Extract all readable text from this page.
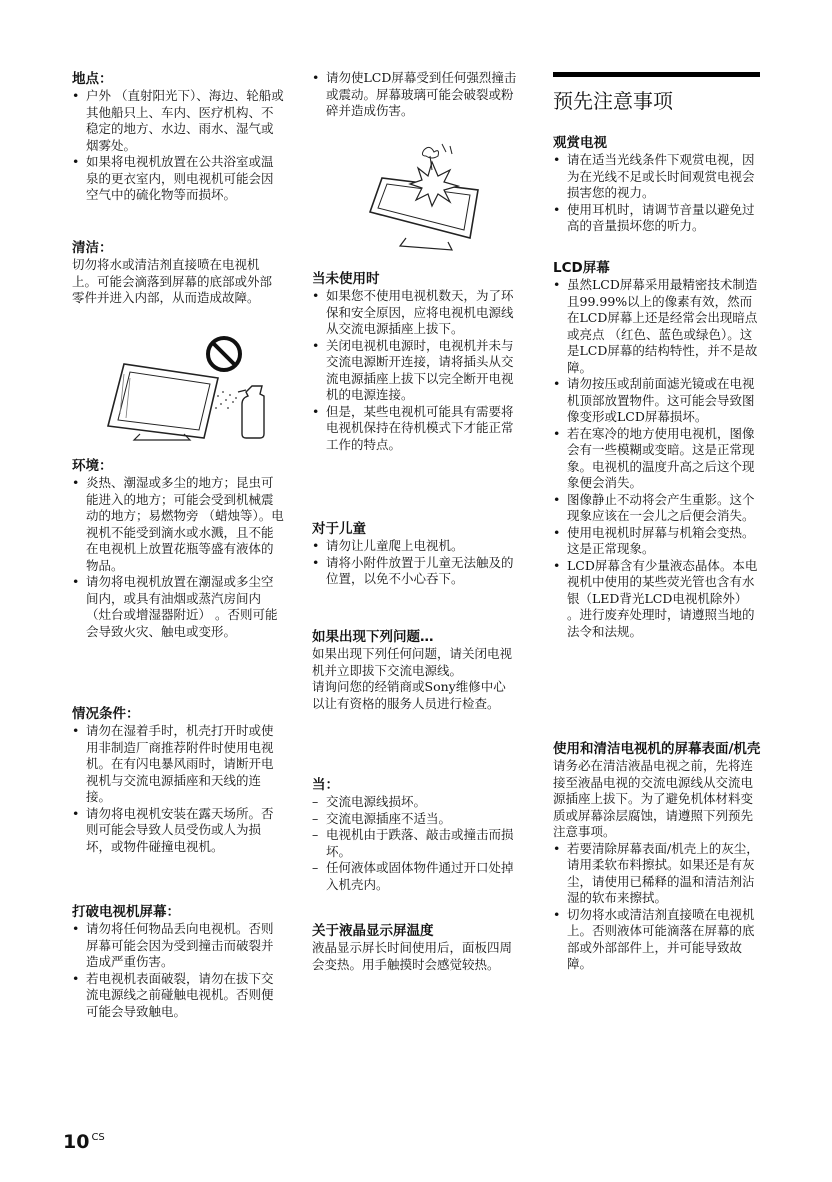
地点：

• 户外 （直射阳光下）、海边、轮船或其他船只上、车内、医疗机构、不稳定的地方、水边、雨水、湿气或烟雾处。
• 如果将电视机放置在公共浴室或温泉的更衣室内，则电视机可能会因空气中的硫化物等而损坏。

清洁：

切勿将水或清洁剂直接喷在电视机上。可能会滴落到屏幕的底部或外部零件并进入内部，从而造成故障。

环境：

• 炎热、潮湿或多尘的地方；昆虫可能进入的地方；可能会受到机械震动的地方；易燃物旁 （蜡烛等）。电视机不能受到滴水或水溅，且不能在电视机上放置花瓶等盛有液体的物品。
• 请勿将电视机放置在潮湿或多尘空间内，或具有油烟或蒸汽房间内 （灶台或增湿器附近） 。否则可能会导致火灾、触电或变形。

情况条件：

• 请勿在湿着手时，机壳打开时或使用非制造厂商推荐附件时使用电视机。在有闪电暴风雨时，请断开电视机与交流电源插座和天线的连接。
• 请勿将电视机安装在露天场所。否则可能会导致人员受伤或人为损坏，或物件碰撞电视机。

打破电视机屏幕：

• 请勿将任何物品丢向电视机。否则屏幕可能会因为受到撞击而破裂并造成严重伤害。
• 若电视机表面破裂，请勿在拔下交流电源线之前碰触电视机。否则便可能会导致触电。
• 请勿使LCD屏幕受到任何强烈撞击或震动。屏幕玻璃可能会破裂或粉碎并造成伤害。

当未使用时

• 如果您不使用电视机数天，为了环保和安全原因，应将电视机电源线从交流电源插座上拔下。
• 关闭电视机电源时，电视机并未与交流电源断开连接，请将插头从交流电源插座上拔下以完全断开电视机的电源连接。
• 但是，某些电视机可能具有需要将电视机保持在待机模式下才能正常工作的特点。

对于儿童

• 请勿让儿童爬上电视机。
• 请将小附件放置于儿童无法触及的位置，以免不小心吞下。

如果出现下列问题…

如果出现下列任何问题，请关闭电视机并立即拔下交流电源线。

请询问您的经销商或Sony维修中心以让有资格的服务人员进行检查。

当：

– 交流电源线损坏。
– 交流电源插座不适当。
– 电视机由于跌落、敲击或撞击而损坏。
– 任何液体或固体物件通过开口处掉入机壳内。

关于液晶显示屏温度

液晶显示屏长时间使用后，面板四周会变热。用手触摸时会感觉较热。

预先注意事项

观赏电视

• 请在适当光线条件下观赏电视，因为在光线不足或长时间观赏电视会损害您的视力。
• 使用耳机时，请调节音量以避免过高的音量损坏您的听力。

LCD屏幕

• 虽然LCD屏幕采用最精密技术制造且99.99%以上的像素有效，然而在LCD屏幕上还是经常会出现暗点或亮点 （红色、蓝色或绿色）。这是LCD屏幕的结构特性，并不是故障。
• 请勿按压或刮前面滤光镜或在电视机顶部放置物件。这可能会导致图像变形或LCD屏幕损坏。
• 若在寒冷的地方使用电视机，图像会有一些模糊或变暗。这是正常现象。电视机的温度升高之后这个现象便会消失。
• 图像静止不动将会产生重影。这个现象应该在一会儿之后便会消失。
• 使用电视机时屏幕与机箱会变热。这是正常现象。
• LCD屏幕含有少量液态晶体。本电视机中使用的某些荧光管也含有水银（LED背光LCD电视机除外） 。进行废弃处理时，请遵照当地的法令和法规。

使用和清洁电视机的屏幕表面/机壳

请务必在清洁液晶电视之前，先将连接至液晶电视的交流电源线从交流电源插座上拔下。为了避免机体材料变质或屏幕涂层腐蚀，请遵照下列预先注意事项。

• 若要清除屏幕表面/机壳上的灰尘，请用柔软布料擦拭。如果还是有灰尘，请使用已稀释的温和清洁剂沾湿的软布来擦拭。
• 切勿将水或清洁剂直接喷在电视机上。否则液体可能滴落在屏幕的底部或外部部件上，并可能导致故障。
10 $^{CS}$
